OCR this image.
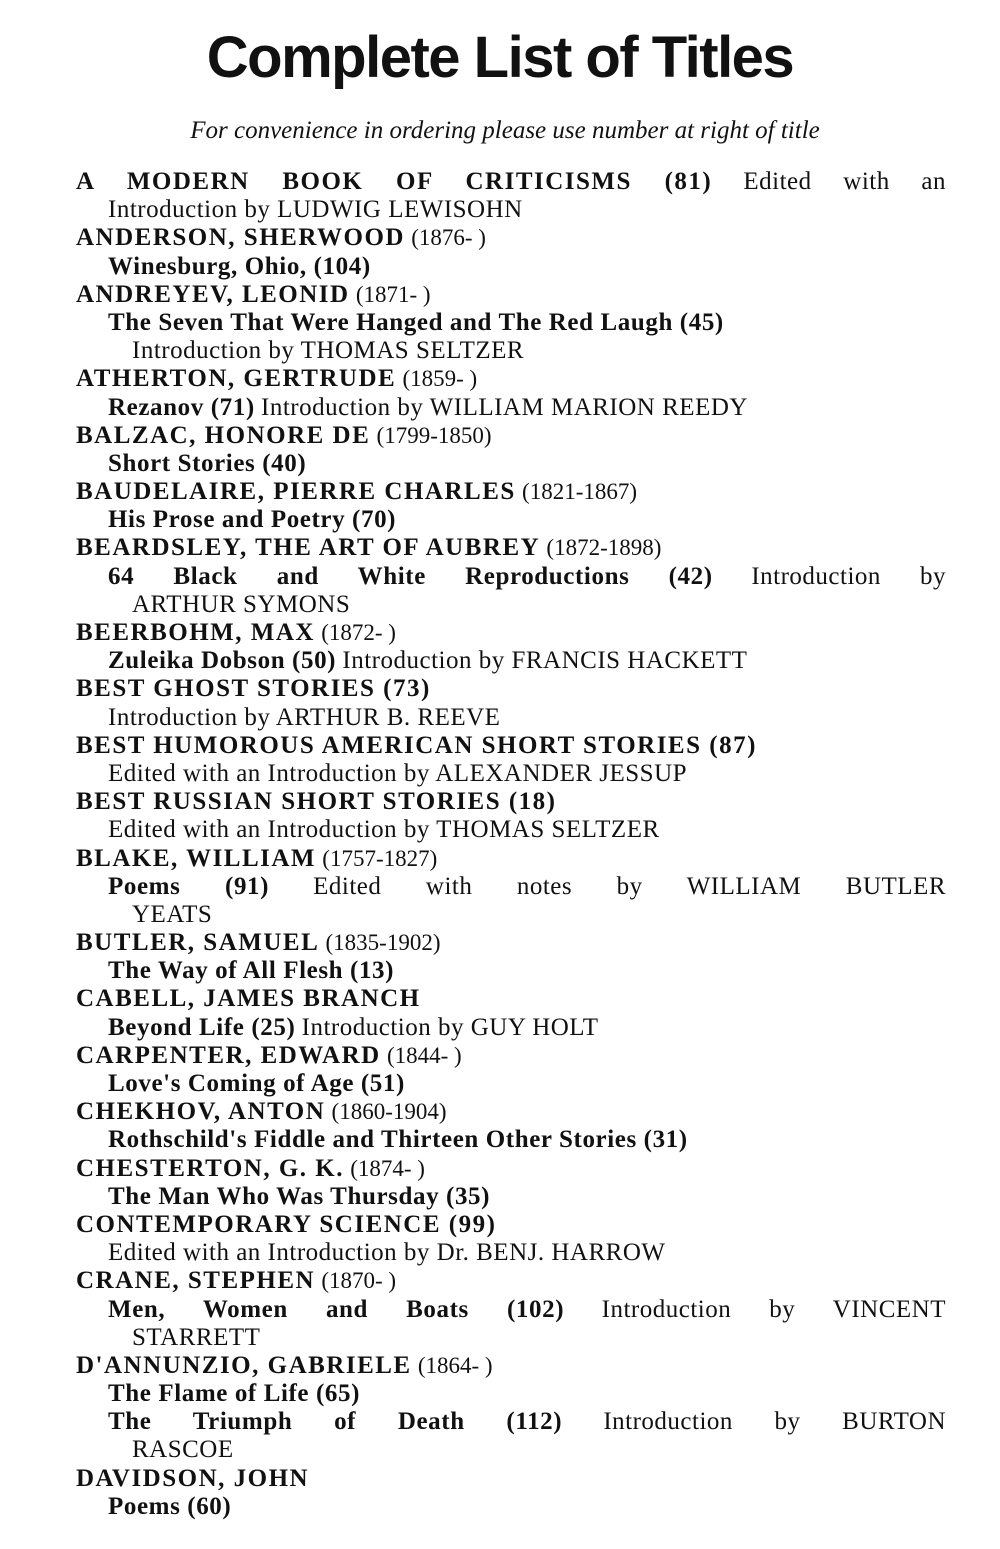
Complete List of Titles

For convenience in ordering please use number at right of title

A MODERN BOOK OF CRITICISMS (81) Edited with an
Introduction by LUDWIG LEWISOHN
ANDERSON, SHERWOOD (1876- )
Winesburg, Ohio, (104)
ANDREYEV, LEONID (1871- )
The Seven That Were Hanged and The Red Laugh (45)
Introduction by THOMAS SELTZER
ATHERTON, GERTRUDE (1859- )
Rezanov (71) Introduction by WILLIAM MARION REEDY
BALZAC, HONORE DE (1799-1850)
Short Stories (40)
BAUDELAIRE, PIERRE CHARLES (1821-1867)
His Prose and Poetry (70)
BEARDSLEY, THE ART OF AUBREY (1872-1898)
64 Black and White Reproductions (42) Introduction by
ARTHUR SYMONS
BEERBOHM, MAX (1872- )
Zuleika Dobson (50) Introduction by FRANCIS HACKETT
BEST GHOST STORIES (73)
Introduction by ARTHUR B. REEVE
BEST HUMOROUS AMERICAN SHORT STORIES (87)
Edited with an Introduction by ALEXANDER JESSUP
BEST RUSSIAN SHORT STORIES (18)
Edited with an Introduction by THOMAS SELTZER
BLAKE, WILLIAM (1757-1827)
Poems (91) Edited with notes by WILLIAM BUTLER
YEATS
BUTLER, SAMUEL (1835-1902)
The Way of All Flesh (13)
CABELL, JAMES BRANCH
Beyond Life (25) Introduction by GUY HOLT
CARPENTER, EDWARD (1844- )
Love's Coming of Age (51)
CHEKHOV, ANTON (1860-1904)
Rothschild's Fiddle and Thirteen Other Stories (31)
CHESTERTON, G. K. (1874- )
The Man Who Was Thursday (35)
CONTEMPORARY SCIENCE (99)
Edited with an Introduction by Dr. BENJ. HARROW
CRANE, STEPHEN (1870- )
Men, Women and Boats (102) Introduction by VINCENT
STARRETT
D'ANNUNZIO, GABRIELE (1864- )
The Flame of Life (65)
The Triumph of Death (112) Introduction by BURTON
RASCOE
DAVIDSON, JOHN
Poems (60)
